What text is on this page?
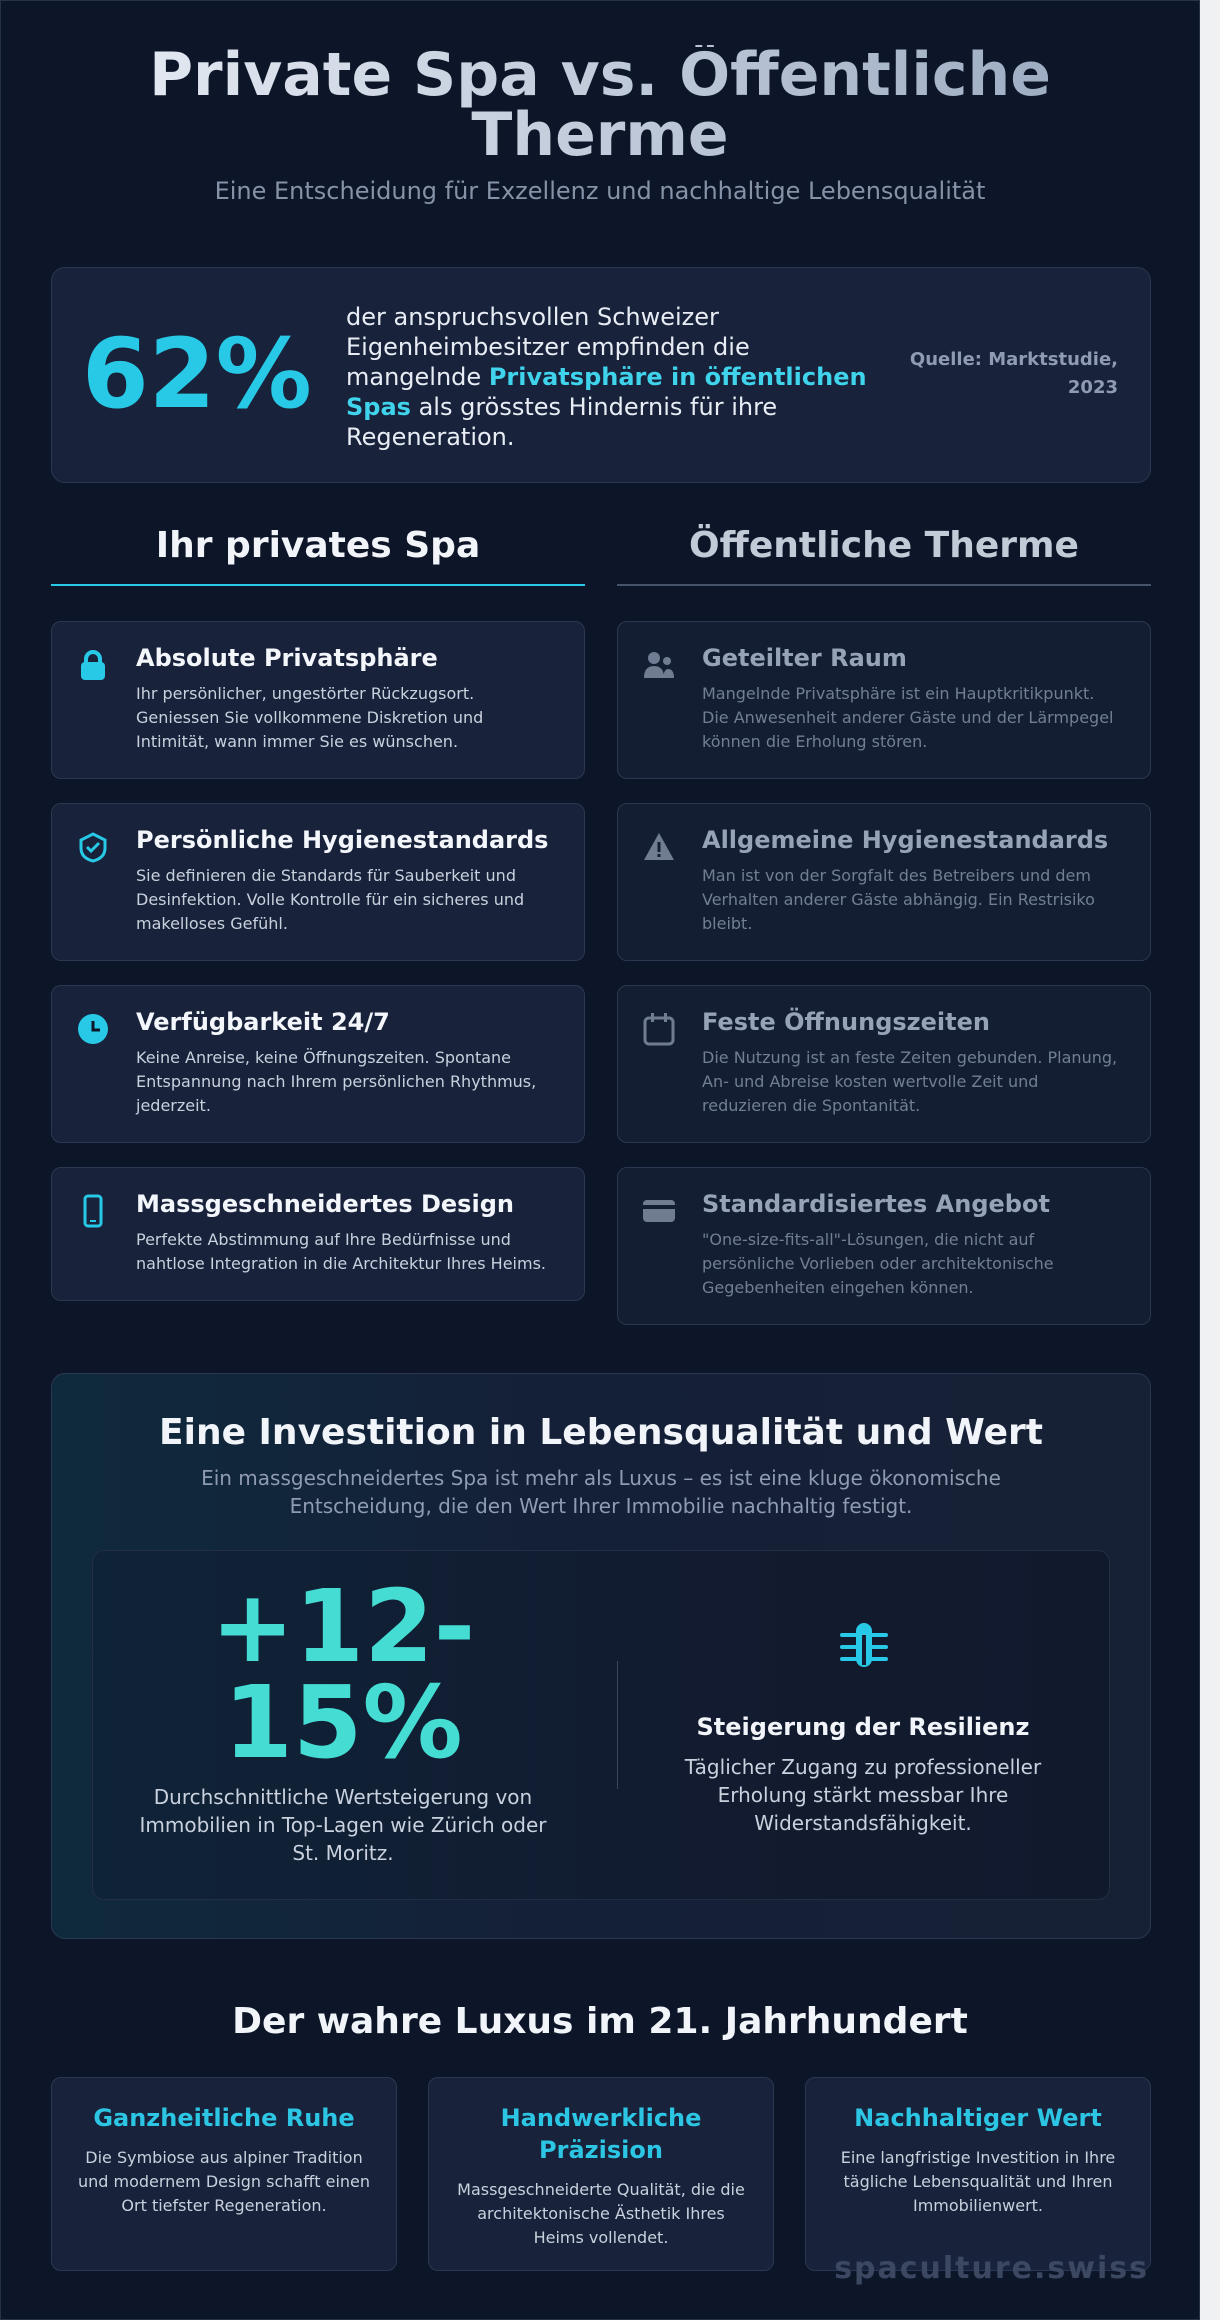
Private Spa vs. Öffentliche Therme
Eine Entscheidung für Exzellenz und nachhaltige Lebensqualität
62%
der anspruchsvollen Schweizer Eigenheimbesitzer empfinden die mangelnde Privatsphäre in öffentlichen Spas als grösstes Hindernis für ihre Regeneration.
Quelle: Marktstudie, 2023
Ihr privates Spa	Öffentliche Therme
Absolute Privatsphäre
Ihr persönlicher, ungestörter Rückzugsort. Geniessen Sie vollkommene Diskretion und Intimität, wann immer Sie es wünschen.
Persönliche Hygienestandards
Sie definieren die Standards für Sauberkeit und Desinfektion. Volle Kontrolle für ein sicheres und makelloses Gefühl.
Verfügbarkeit 24/7
Keine Anreise, keine Öffnungszeiten. Spontane Entspannung nach Ihrem persönlichen Rhythmus, jederzeit.
Massgeschneidertes Design
Perfekte Abstimmung auf Ihre Bedürfnisse und nahtlose Integration in die Architektur Ihres Heims.
Geteilter Raum
Mangelnde Privatsphäre ist ein Hauptkritikpunkt. Die Anwesenheit anderer Gäste und der Lärmpegel können die Erholung stören.
Allgemeine Hygienestandards
Man ist von der Sorgfalt des Betreibers und dem Verhalten anderer Gäste abhängig. Ein Restrisiko bleibt.
Feste Öffnungszeiten
Die Nutzung ist an feste Zeiten gebunden. Planung, An- und Abreise kosten wertvolle Zeit und reduzieren die Spontanität.
Standardisiertes Angebot
"One-size-fits-all"-Lösungen, die nicht auf persönliche Vorlieben oder architektonische Gegebenheiten eingehen können.
Eine Investition in Lebensqualität und Wert
Ein massgeschneidertes Spa ist mehr als Luxus – es ist eine kluge ökonomische Entscheidung, die den Wert Ihrer Immobilie nachhaltig festigt.
+12-15%
Durchschnittliche Wertsteigerung von Immobilien in Top-Lagen wie Zürich oder St. Moritz.
Steigerung der Resilienz
Täglicher Zugang zu professioneller Erholung stärkt messbar Ihre Widerstandsfähigkeit.
Der wahre Luxus im 21. Jahrhundert
Ganzheitliche Ruhe
Die Symbiose aus alpiner Tradition und modernem Design schafft einen Ort tiefster Regeneration.
Handwerkliche Präzision
Massgeschneiderte Qualität, die die architektonische Ästhetik Ihres Heims vollendet.
Nachhaltiger Wert
Eine langfristige Investition in Ihre tägliche Lebensqualität und Ihren Immobilienwert.
spaculture.swiss
